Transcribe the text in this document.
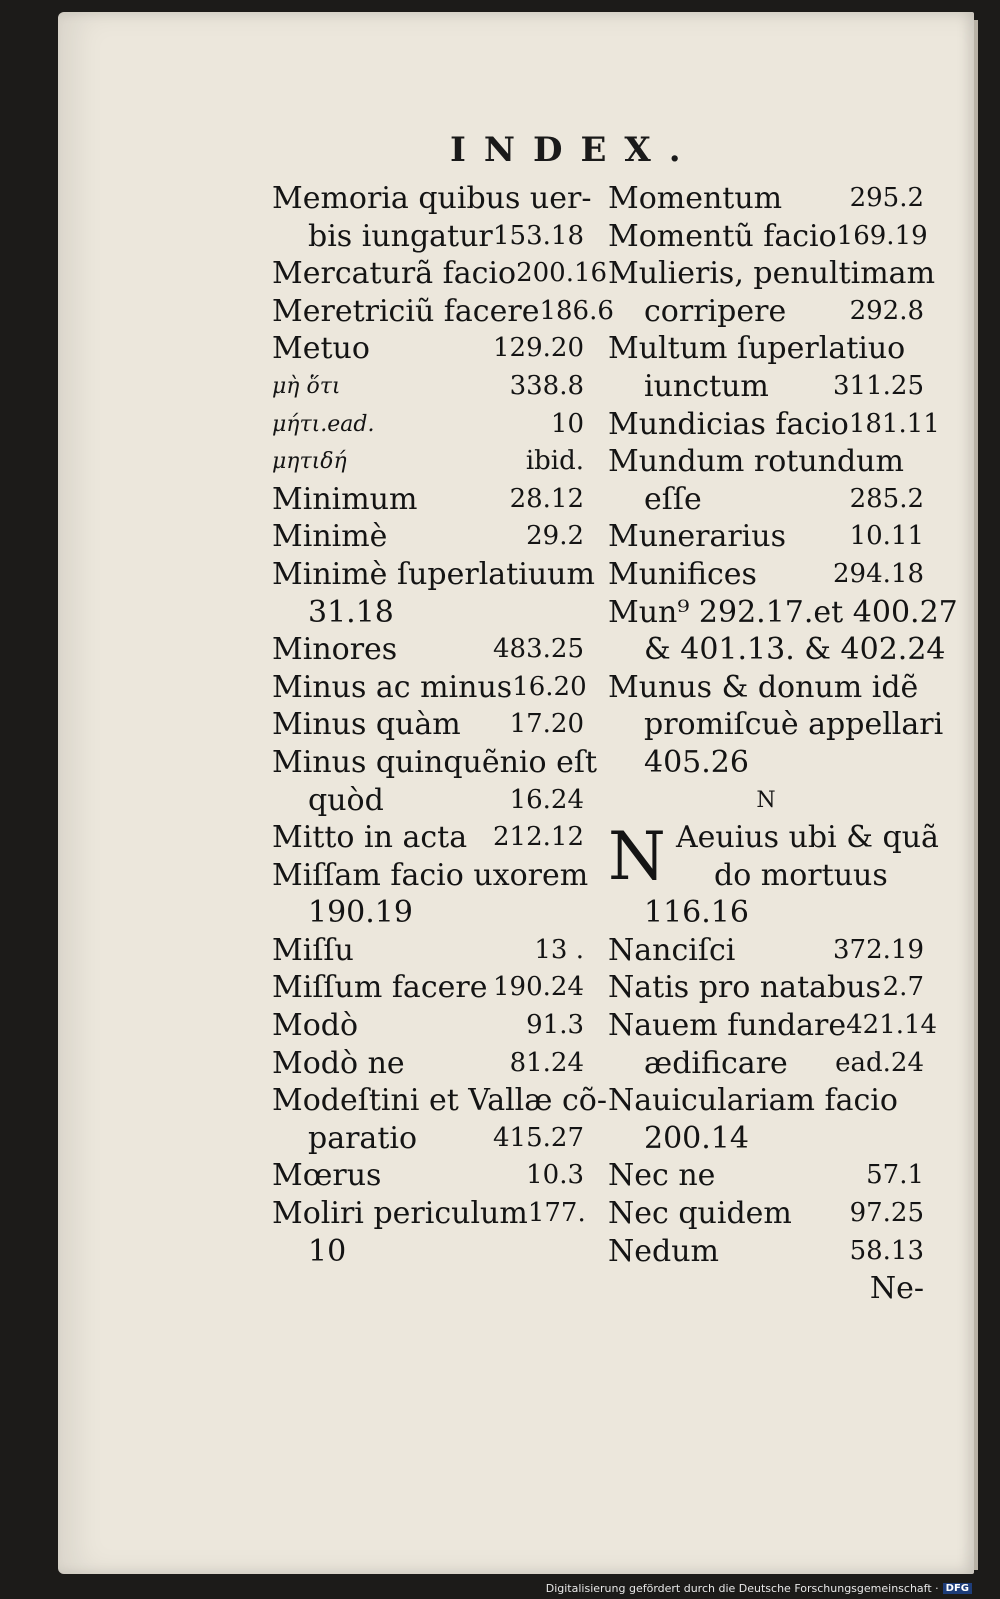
INDEX.
Memoria quibus uer-
bis iungatur 153.18
Mercaturã facio 200.16
Meretriciũ facere 186.6
Metuo	129.20
μὴ ὅτι	338.8
μήτι.ead.	10
μητιδή	ibid.
Minimum	28.12
Minimè	29.2
Minimè ſuperlatiuum
31.18
Minores	483.25
Minus ac minus 16.20
Minus quàm 17.20
Minus quinquẽnio eſt
quòd	16.24
Mitto in acta 212.12
Miſſam facio uxorem
190.19
Miſſu	13 .
Miſſum facere 190.24
Modò	91.3
Modò ne	81.24
Modeſtini et Vallæ cõ-
paratio	415.27
Mœrus	10.3
Moliri periculum 177.
10
Momentum	295.2
Momentũ facio 169.19
Mulieris, penultimam
corripere 292.8
Multum ſuperlatiuo
iunctum 311.25
Mundicias facio 181.11
Mundum rotundum
eſſe	285.2
Munerarius 10.11
Munifices	294.18
Mun⁹ 292.17.et 400.27
& 401.13. & 402.24
Munus & donum idẽ
promiſcuè appellari
405.26
N
N Aeuius ubi & quã
do mortuus
116.16
Nanciſci	372.19
Natis pro natabus 2.7
Nauem fundare 421.14
ædificare ead.24
Nauiculariam facio
200.14
Nec ne	57.1
Nec quidem 97.25
Nedum	58.13
Ne-
Digitalisierung gefördert durch die Deutsche Forschungsgemeinschaft · DFG
